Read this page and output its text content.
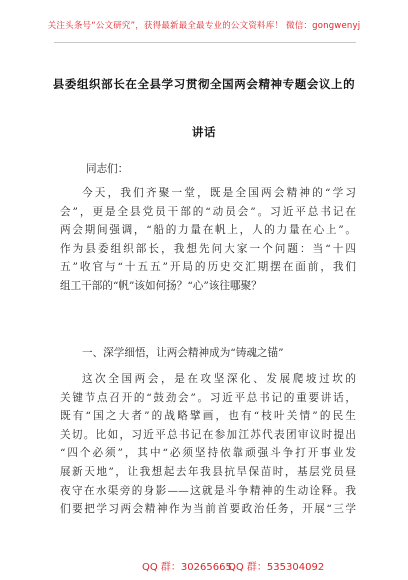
关注头条号“公文研究”，获得最新最全最专业的公文资料库！ 微信：gongwenyj
县委组织部长在全县学习贯彻全国两会精神专题会议上的
讲话
同志们：
今天，我们齐聚一堂，既是全国两会精神的“学习
会”，更是全县党员干部的“动员会”。习近平总书记在
两会期间强调，“船的力量在帆上，人的力量在心上”。
作为县委组织部长，我想先问大家一个问题：当“十四
五”收官与“十五五”开局的历史交汇期摆在面前，我们
组工干部的“帆”该如何扬？“心”该往哪聚？
一、深学细悟，让两会精神成为“铸魂之锚”
这次全国两会，是在攻坚深化、发展爬坡过坎的
关键节点召开的“鼓劲会”。习近平总书记的重要讲话，
既有“国之大者”的战略擘画，也有“枝叶关情”的民生
关切。比如，习近平总书记在参加江苏代表团审议时提出
“四个必须”，其中“必须坚持依靠顽强斗争打开事业发
展新天地”，让我想起去年我县抗旱保苗时，基层党员昼
夜守在水渠旁的身影——这就是斗争精神的生动诠释。我
们要把学习两会精神作为当前首要政治任务，开展“三学
QQ 群：30265665
QQ 群：535304092
